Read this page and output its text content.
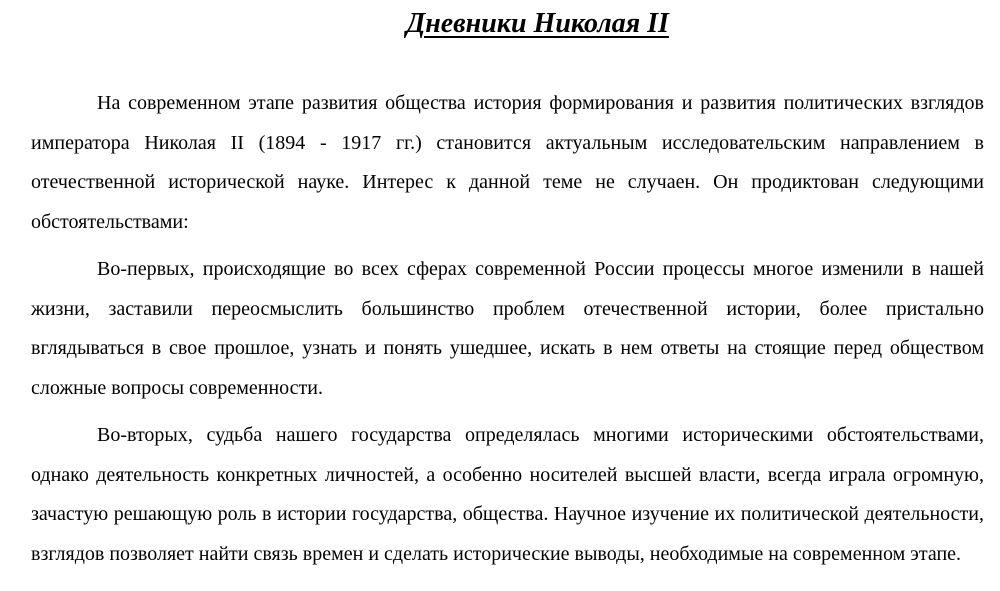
Дневники Николая II

На современном этапе развития общества история формирования и развития политических взглядов императора Николая II (1894 - 1917 гг.) становится актуальным исследовательским направлением в отечественной исторической науке. Интерес к данной теме не случаен. Он продиктован следующими обстоятельствами:

Во-первых, происходящие во всех сферах современной России процессы многое изменили в нашей жизни, заставили переосмыслить большинство проблем отечественной истории, более пристально вглядываться в свое прошлое, узнать и понять ушедшее, искать в нем ответы на стоящие перед обществом сложные вопросы современности.

Во-вторых, судьба нашего государства определялась многими историческими обстоятельствами, однако деятельность конкретных личностей, а особенно носителей высшей власти, всегда играла огромную, зачастую решающую роль в истории государства, общества. Научное изучение их политической деятельности, взглядов позволяет найти связь времен и сделать исторические выводы, необходимые на современном этапе.
